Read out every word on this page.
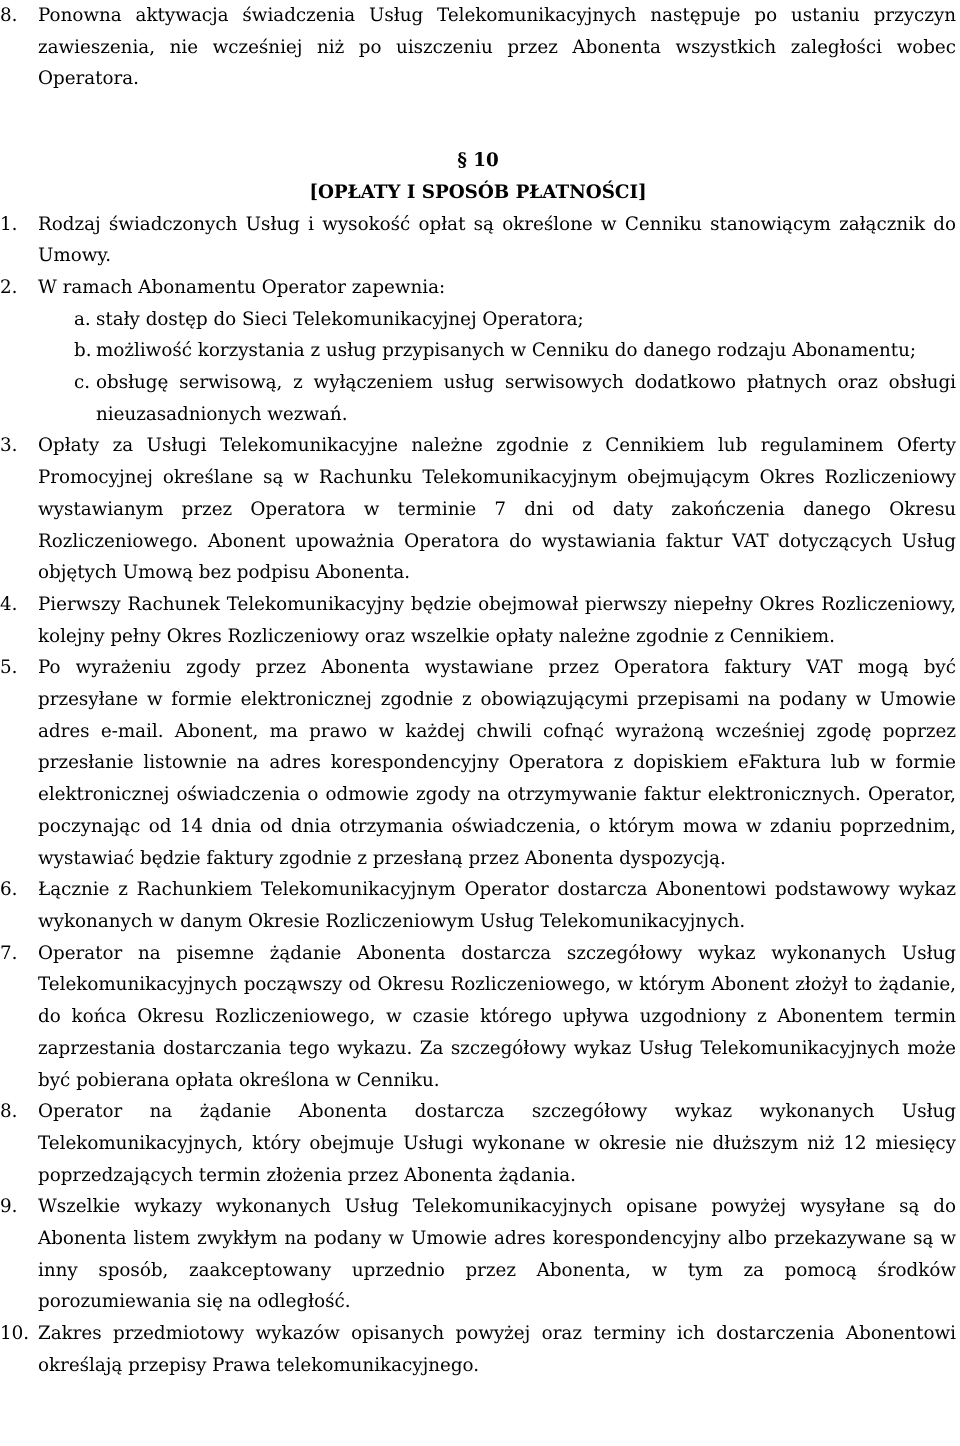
8. Ponowna aktywacja świadczenia Usług Telekomunikacyjnych następuje po ustaniu przyczyn zawieszenia, nie wcześniej niż po uiszczeniu przez Abonenta wszystkich zaległości wobec Operatora.
§ 10
[OPŁATY I SPOSÓB PŁATNOŚCI]
1. Rodzaj świadczonych Usług i wysokość opłat są określone w Cenniku stanowiącym załącznik do Umowy.
2. W ramach Abonamentu Operator zapewnia:
a. stały dostęp do Sieci Telekomunikacyjnej Operatora;
b. możliwość korzystania z usług przypisanych w Cenniku do danego rodzaju Abonamentu;
c. obsługę serwisową, z wyłączeniem usług serwisowych dodatkowo płatnych oraz obsługi nieuzasadnionych wezwań.
3. Opłaty za Usługi Telekomunikacyjne należne zgodnie z Cennikiem lub regulaminem Oferty Promocyjnej określane są w Rachunku Telekomunikacyjnym obejmującym Okres Rozliczeniowy wystawianym przez Operatora w terminie 7 dni od daty zakończenia danego Okresu Rozliczeniowego. Abonent upoważnia Operatora do wystawiania faktur VAT dotyczących Usług objętych Umową bez podpisu Abonenta.
4. Pierwszy Rachunek Telekomunikacyjny będzie obejmował pierwszy niepełny Okres Rozliczeniowy, kolejny pełny Okres Rozliczeniowy oraz wszelkie opłaty należne zgodnie z Cennikiem.
5. Po wyrażeniu zgody przez Abonenta wystawiane przez Operatora faktury VAT mogą być przesyłane w formie elektronicznej zgodnie z obowiązującymi przepisami na podany w Umowie adres e-mail. Abonent, ma prawo w każdej chwili cofnąć wyrażoną wcześniej zgodę poprzez przesłanie listownie na adres korespondencyjny Operatora z dopiskiem eFaktura lub w formie elektronicznej oświadczenia o odmowie zgody na otrzymywanie faktur elektronicznych. Operator, poczynając od 14 dnia od dnia otrzymania oświadczenia, o którym mowa w zdaniu poprzednim, wystawiać będzie faktury zgodnie z przesłaną przez Abonenta dyspozycją.
6. Łącznie z Rachunkiem Telekomunikacyjnym Operator dostarcza Abonentowi podstawowy wykaz wykonanych w danym Okresie Rozliczeniowym Usług Telekomunikacyjnych.
7. Operator na pisemne żądanie Abonenta dostarcza szczegółowy wykaz wykonanych Usług Telekomunikacyjnych począwszy od Okresu Rozliczeniowego, w którym Abonent złożył to żądanie, do końca Okresu Rozliczeniowego, w czasie którego upływa uzgodniony z Abonentem termin zaprzestania dostarczania tego wykazu. Za szczegółowy wykaz Usług Telekomunikacyjnych może być pobierana opłata określona w Cenniku.
8. Operator na żądanie Abonenta dostarcza szczegółowy wykaz wykonanych Usług Telekomunikacyjnych, który obejmuje Usługi wykonane w okresie nie dłuższym niż 12 miesięcy poprzedzających termin złożenia przez Abonenta żądania.
9. Wszelkie wykazy wykonanych Usług Telekomunikacyjnych opisane powyżej wysyłane są do Abonenta listem zwykłym na podany w Umowie adres korespondencyjny albo przekazywane są w inny sposób, zaakceptowany uprzednio przez Abonenta, w tym za pomocą środków porozumiewania się na odległość.
10. Zakres przedmiotowy wykazów opisanych powyżej oraz terminy ich dostarczenia Abonentowi określają przepisy Prawa telekomunikacyjnego.
